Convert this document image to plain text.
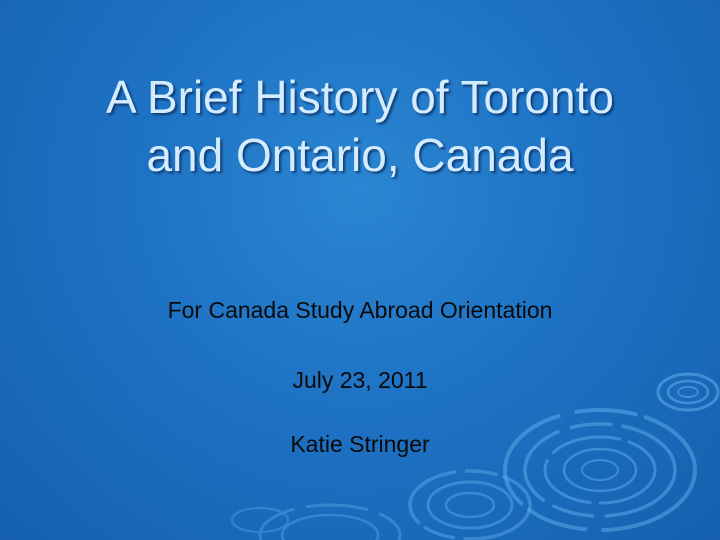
A Brief History of Toronto
and Ontario, Canada

For Canada Study Abroad Orientation

July 23, 2011

Katie Stringer
